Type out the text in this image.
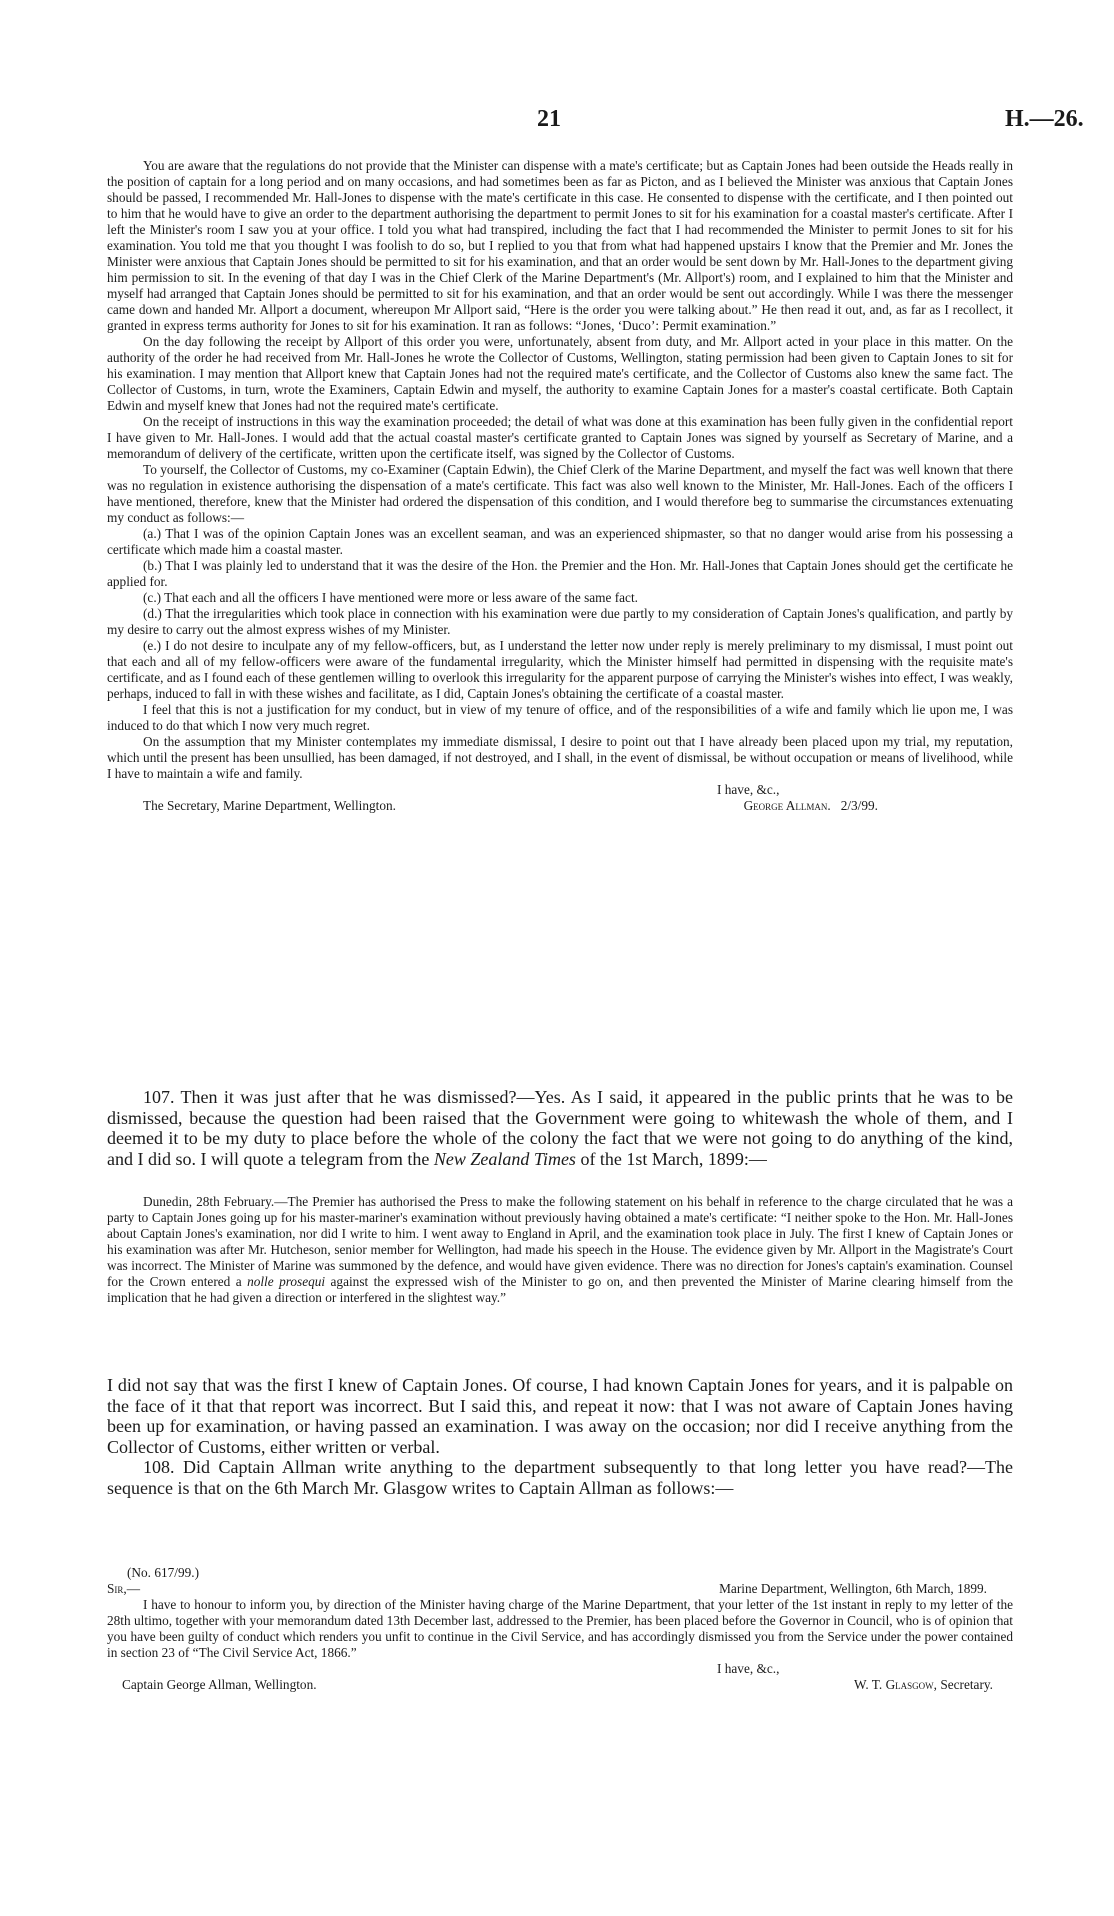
21	H.—26.

You are aware that the regulations do not provide that the Minister can dispense with a mate's certificate; but as Captain Jones had been outside the Heads really in the position of captain for a long period and on many occasions, and had sometimes been as far as Picton, and as I believed the Minister was anxious that Captain Jones should be passed, I recommended Mr. Hall-Jones to dispense with the mate's certificate in this case. He consented to dispense with the certificate, and I then pointed out to him that he would have to give an order to the department authorising the department to permit Jones to sit for his examination for a coastal master's certificate. After I left the Minister's room I saw you at your office. I told you what had transpired, including the fact that I had recommended the Minister to permit Jones to sit for his examination. You told me that you thought I was foolish to do so, but I replied to you that from what had happened upstairs I know that the Premier and Mr. Jones the Minister were anxious that Captain Jones should be permitted to sit for his examination, and that an order would be sent down by Mr. Hall-Jones to the department giving him permission to sit. In the evening of that day I was in the Chief Clerk of the Marine Department's (Mr. Allport's) room, and I explained to him that the Minister and myself had arranged that Captain Jones should be permitted to sit for his examination, and that an order would be sent out accordingly. While I was there the messenger came down and handed Mr. Allport a document, whereupon Mr Allport said, “Here is the order you were talking about.” He then read it out, and, as far as I recollect, it granted in express terms authority for Jones to sit for his examination. It ran as follows: “Jones, ‘Duco’: Permit examination.”

On the day following the receipt by Allport of this order you were, unfortunately, absent from duty, and Mr. Allport acted in your place in this matter. On the authority of the order he had received from Mr. Hall-Jones he wrote the Collector of Customs, Wellington, stating permission had been given to Captain Jones to sit for his examination. I may mention that Allport knew that Captain Jones had not the required mate's certificate, and the Collector of Customs also knew the same fact. The Collector of Customs, in turn, wrote the Examiners, Captain Edwin and myself, the authority to examine Captain Jones for a master's coastal certificate. Both Captain Edwin and myself knew that Jones had not the required mate's certificate.

On the receipt of instructions in this way the examination proceeded; the detail of what was done at this examination has been fully given in the confidential report I have given to Mr. Hall-Jones. I would add that the actual coastal master's certificate granted to Captain Jones was signed by yourself as Secretary of Marine, and a memorandum of delivery of the certificate, written upon the certificate itself, was signed by the Collector of Customs.

To yourself, the Collector of Customs, my co-Examiner (Captain Edwin), the Chief Clerk of the Marine Department, and myself the fact was well known that there was no regulation in existence authorising the dispensation of a mate's certificate. This fact was also well known to the Minister, Mr. Hall-Jones. Each of the officers I have mentioned, therefore, knew that the Minister had ordered the dispensation of this condition, and I would therefore beg to summarise the circumstances extenuating my conduct as follows:—

(a.) That I was of the opinion Captain Jones was an excellent seaman, and was an experienced shipmaster, so that no danger would arise from his possessing a certificate which made him a coastal master.

(b.) That I was plainly led to understand that it was the desire of the Hon. the Premier and the Hon. Mr. Hall-Jones that Captain Jones should get the certificate he applied for.

(c.) That each and all the officers I have mentioned were more or less aware of the same fact.

(d.) That the irregularities which took place in connection with his examination were due partly to my consideration of Captain Jones's qualification, and partly by my desire to carry out the almost express wishes of my Minister.

(e.) I do not desire to inculpate any of my fellow-officers, but, as I understand the letter now under reply is merely preliminary to my dismissal, I must point out that each and all of my fellow-officers were aware of the fundamental irregularity, which the Minister himself had permitted in dispensing with the requisite mate's certificate, and as I found each of these gentlemen willing to overlook this irregularity for the apparent purpose of carrying the Minister's wishes into effect, I was weakly, perhaps, induced to fall in with these wishes and facilitate, as I did, Captain Jones's obtaining the certificate of a coastal master.

I feel that this is not a justification for my conduct, but in view of my tenure of office, and of the responsibilities of a wife and family which lie upon me, I was induced to do that which I now very much regret.

On the assumption that my Minister contemplates my immediate dismissal, I desire to point out that I have already been placed upon my trial, my reputation, which until the present has been unsullied, has been damaged, if not destroyed, and I shall, in the event of dismissal, be without occupation or means of livelihood, while I have to maintain a wife and family.

I have, &c.,
The Secretary, Marine Department, Wellington.	George Allman. 2/3/99.

107. Then it was just after that he was dismissed?—Yes. As I said, it appeared in the public prints that he was to be dismissed, because the question had been raised that the Government were going to whitewash the whole of them, and I deemed it to be my duty to place before the whole of the colony the fact that we were not going to do anything of the kind, and I did so. I will quote a telegram from the New Zealand Times of the 1st March, 1899:—

Dunedin, 28th February.—The Premier has authorised the Press to make the following statement on his behalf in reference to the charge circulated that he was a party to Captain Jones going up for his master-mariner's examination without previously having obtained a mate's certificate: “I neither spoke to the Hon. Mr. Hall-Jones about Captain Jones's examination, nor did I write to him. I went away to England in April, and the examination took place in July. The first I knew of Captain Jones or his examination was after Mr. Hutcheson, senior member for Wellington, had made his speech in the House. The evidence given by Mr. Allport in the Magistrate's Court was incorrect. The Minister of Marine was summoned by the defence, and would have given evidence. There was no direction for Jones's captain's examination. Counsel for the Crown entered a nolle prosequi against the expressed wish of the Minister to go on, and then prevented the Minister of Marine clearing himself from the implication that he had given a direction or interfered in the slightest way.”

I did not say that was the first I knew of Captain Jones. Of course, I had known Captain Jones for years, and it is palpable on the face of it that that report was incorrect. But I said this, and repeat it now: that I was not aware of Captain Jones having been up for examination, or having passed an examination. I was away on the occasion; nor did I receive anything from the Collector of Customs, either written or verbal.

108. Did Captain Allman write anything to the department subsequently to that long letter you have read?—The sequence is that on the 6th March Mr. Glasgow writes to Captain Allman as follows:—

(No. 617/99.)
Sir,—	Marine Department, Wellington, 6th March, 1899.

I have to honour to inform you, by direction of the Minister having charge of the Marine Department, that your letter of the 1st instant in reply to my letter of the 28th ultimo, together with your memorandum dated 13th December last, addressed to the Premier, has been placed before the Governor in Council, who is of opinion that you have been guilty of conduct which renders you unfit to continue in the Civil Service, and has accordingly dismissed you from the Service under the power contained in section 23 of “The Civil Service Act, 1866.”

I have, &c.,
Captain George Allman, Wellington.	W. T. Glasgow, Secretary.
